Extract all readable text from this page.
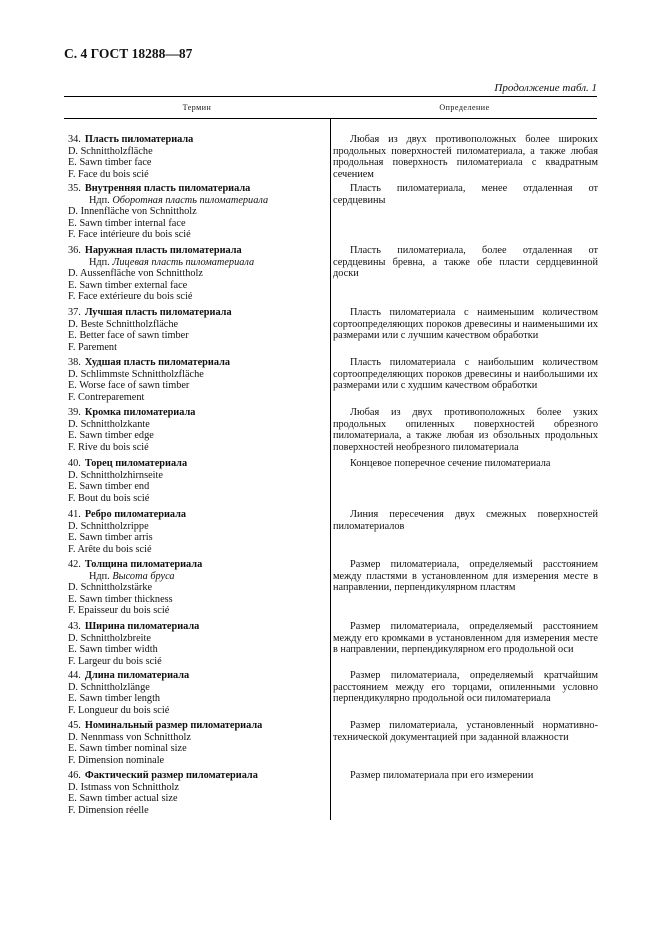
С. 4 ГОСТ 18288—87
Продолжение табл. 1
Термин	Определение
34. Пласть пиломатериала
D. Schnittholzfläche
E. Sawn timber face
F. Face du bois scié

Любая из двух противоположных более широких продольных поверхностей пиломатериала, а также любая продольная поверхность пиломатериала с квадратным сечением

35. Внутренняя пласть пиломатериала
Ндп. Оборотная пласть пиломатериала
D. Innenfläche von Schnittholz
E. Sawn timber internal face
F. Face intérieure du bois scié

Пласть пиломатериала, менее отдаленная от сердцевины

36. Наружная пласть пиломатериала
Ндп. Лицевая пласть пиломатериала
D. Aussenfläche von Schnittholz
E. Sawn timber external face
F. Face extérieure du bois scié

Пласть пиломатериала, более отдаленная от сердцевины бревна, а также обе пласти сердцевинной доски

37. Лучшая пласть пиломатериала
D. Beste Schnittholzfläche
E. Better face of sawn timber
F. Parement

Пласть пиломатериала с наименьшим количеством сортоопределяющих пороков древесины и наименьшими их размерами или с лучшим качеством обработки

38. Худшая пласть пиломатериала
D. Schlimmste Schnittholzfläche
E. Worse face of sawn timber
F. Contreparement

Пласть пиломатериала с наибольшим количеством сортоопределяющих пороков древесины и наибольшими их размерами или с худшим качеством обработки

39. Кромка пиломатериала
D. Schnittholzkante
E. Sawn timber edge
F. Rive du bois scié

Любая из двух противоположных более узких продольных опиленных поверхностей обрезного пиломатериала, а также любая из обзольных продольных поверхностей необрезного пиломатериала

40. Торец пиломатериала
D. Schnittholzhirnseite
E. Sawn timber end
F. Bout du bois scié

Концевое поперечное сечение пиломатериала

41. Ребро пиломатериала
D. Schnittholzrippe
E. Sawn timber arris
F. Arête du bois scié

Линия пересечения двух смежных поверхностей пиломатериалов

42. Толщина пиломатериала
Ндп. Высота бруса
D. Schnittholzstärke
E. Sawn timber thickness
F. Epaisseur du bois scié

Размер пиломатериала, определяемый расстоянием между пластями в установленном для измерения месте в направлении, перпендикулярном пластям

43. Ширина пиломатериала
D. Schnittholzbreite
E. Sawn timber width
F. Largeur du bois scié

Размер пиломатериала, определяемый расстоянием между его кромками в установленном для измерения месте в направлении, перпендикулярном его продольной оси

44. Длина пиломатериала
D. Schnittholzlänge
E. Sawn timber length
F. Longueur du bois scié

Размер пиломатериала, определяемый кратчайшим расстоянием между его торцами, опиленными условно перпендикулярно продольной оси пиломатериала

45. Номинальный размер пиломатериала
D. Nennmass von Schnittholz
E. Sawn timber nominal size
F. Dimension nominale

Размер пиломатериала, установленный нормативно-технической документацией при заданной влажности

46. Фактический размер пиломатериала
D. Istmass von Schnittholz
E. Sawn timber actual size
F. Dimension réelle

Размер пиломатериала при его измерении
